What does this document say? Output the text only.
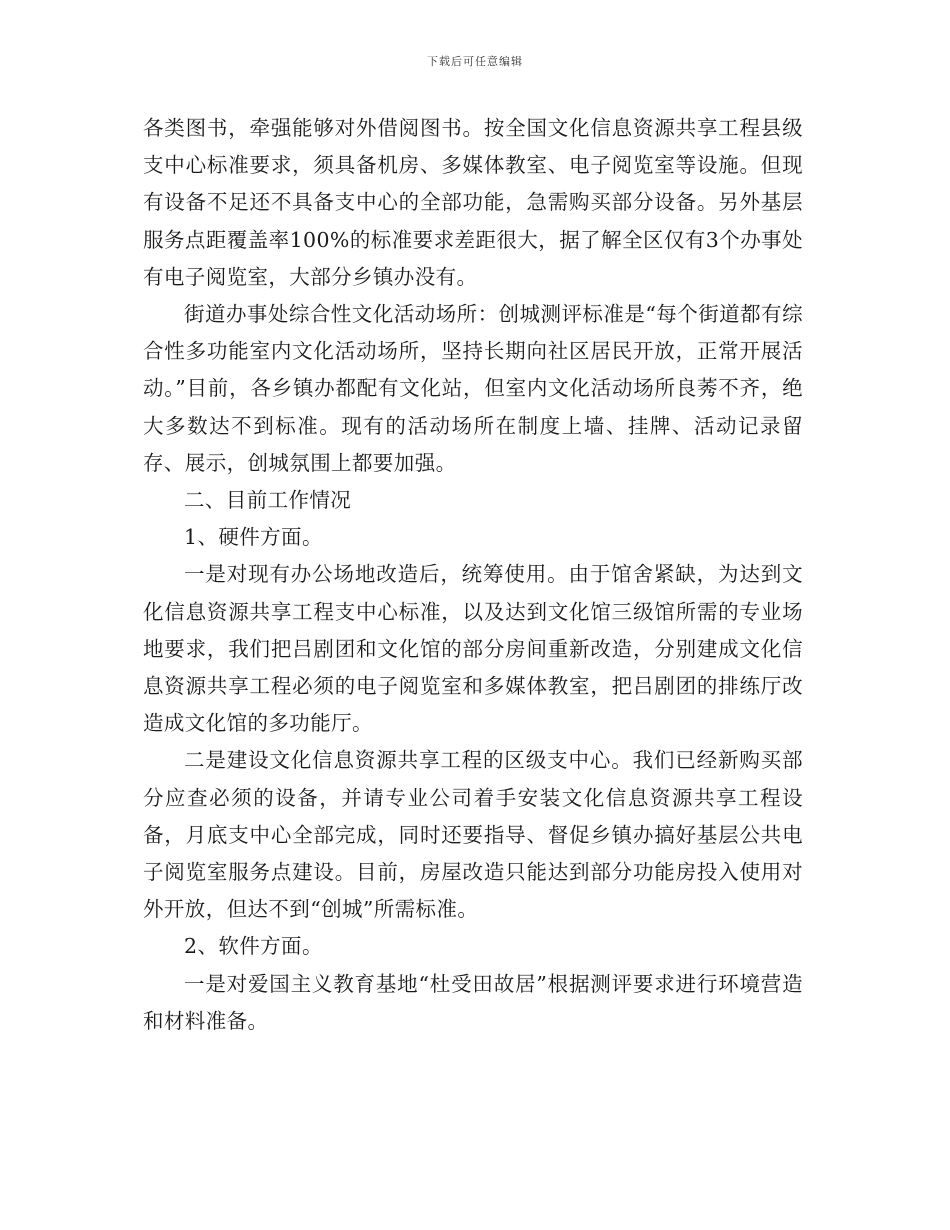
下载后可任意编辑

各类图书，牵强能够对外借阅图书。按全国文化信息资源共享工程县级支中心标准要求，须具备机房、多媒体教室、电子阅览室等设施。但现有设备不足还不具备支中心的全部功能，急需购买部分设备。另外基层服务点距覆盖率100%的标准要求差距很大，据了解全区仅有3个办事处有电子阅览室，大部分乡镇办没有。

街道办事处综合性文化活动场所：创城测评标准是“每个街道都有综合性多功能室内文化活动场所，坚持长期向社区居民开放，正常开展活动。”目前，各乡镇办都配有文化站，但室内文化活动场所良莠不齐，绝大多数达不到标准。现有的活动场所在制度上墙、挂牌、活动记录留存、展示，创城氛围上都要加强。

二、目前工作情况

1、硬件方面。

一是对现有办公场地改造后，统筹使用。由于馆舍紧缺，为达到文化信息资源共享工程支中心标准，以及达到文化馆三级馆所需的专业场地要求，我们把吕剧团和文化馆的部分房间重新改造，分别建成文化信息资源共享工程必须的电子阅览室和多媒体教室，把吕剧团的排练厅改造成文化馆的多功能厅。

二是建设文化信息资源共享工程的区级支中心。我们已经新购买部分应查必须的设备，并请专业公司着手安装文化信息资源共享工程设备，月底支中心全部完成，同时还要指导、督促乡镇办搞好基层公共电子阅览室服务点建设。目前，房屋改造只能达到部分功能房投入使用对外开放，但达不到“创城”所需标准。

2、软件方面。

一是对爱国主义教育基地“杜受田故居”根据测评要求进行环境营造和材料准备。
